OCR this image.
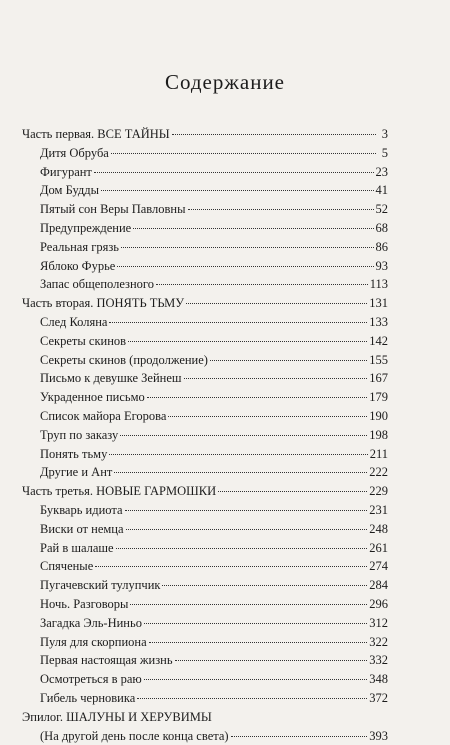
Содержание
Часть первая. ВСЕ ТАЙНЫ	3
Дитя Обруба	5
Фигурант	23
Дом Будды	41
Пятый сон Веры Павловны	52
Предупреждение	68
Реальная грязь	86
Яблоко Фурье	93
Запас общеполезного	113
Часть вторая. ПОНЯТЬ ТЬМУ	131
След Коляна	133
Секреты скинов	142
Секреты скинов (продолжение)	155
Письмо к девушке Зейнеш	167
Украденное письмо	179
Список майора Егорова	190
Труп по заказу	198
Понять тьму	211
Другие и Ант	222
Часть третья. НОВЫЕ ГАРМОШКИ	229
Букварь идиота	231
Виски от немца	248
Рай в шалаше	261
Спяченые	274
Пугачевский тулупчик	284
Ночь. Разговоры	296
Загадка Эль-Ниньо	312
Пуля для скорпиона	322
Первая настоящая жизнь	332
Осмотреться в раю	348
Гибель черновика	372
Эпилог. ШАЛУНЫ И ХЕРУВИМЫ
(На другой день после конца света)	393
